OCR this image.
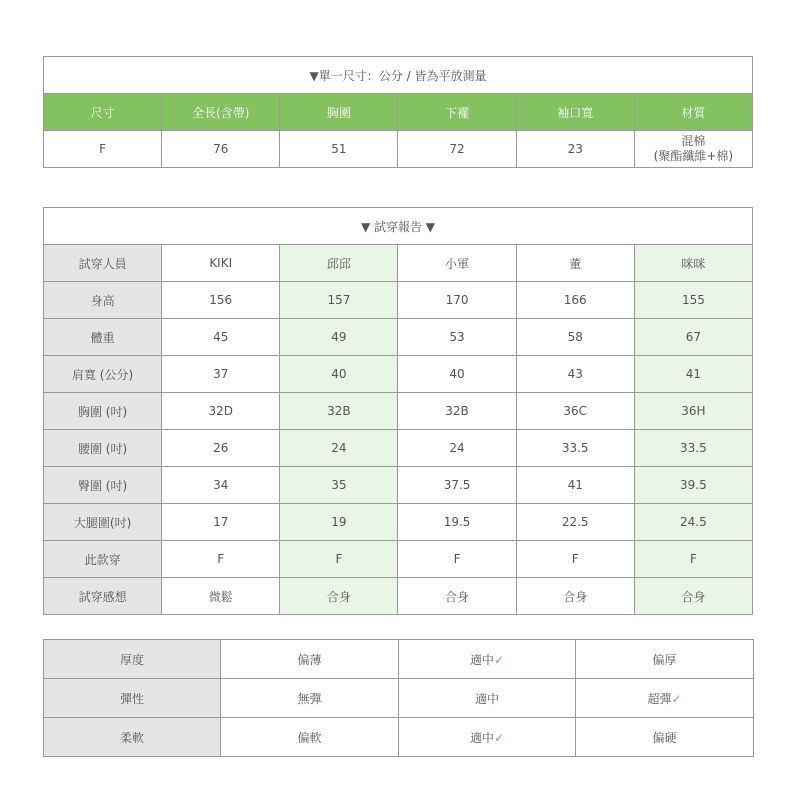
▼單一尺寸：公分 / 皆為平放測量					
尺寸	全長(含帶)	胸圍	下襬	袖口寬	材質
F	76	51	72	23	混棉
(聚酯纖維+棉)
▼ 試穿報告 ▼					
試穿人員	KIKI	邱邱	小軍	董	咪咪
身高	156	157	170	166	155
體重	45	49	53	58	67
肩寬 (公分)	37	40	40	43	41
胸圍 (吋)	32D	32B	32B	36C	36H
腰圍 (吋)	26	24	24	33.5	33.5
臀圍 (吋)	34	35	37.5	41	39.5
大腿圍(吋)	17	19	19.5	22.5	24.5
此款穿	F	F	F	F	F
試穿感想	微鬆	合身	合身	合身	合身
厚度	偏薄	適中✓	偏厚
彈性	無彈	適中	超彈✓
柔軟	偏軟	適中✓	偏硬
